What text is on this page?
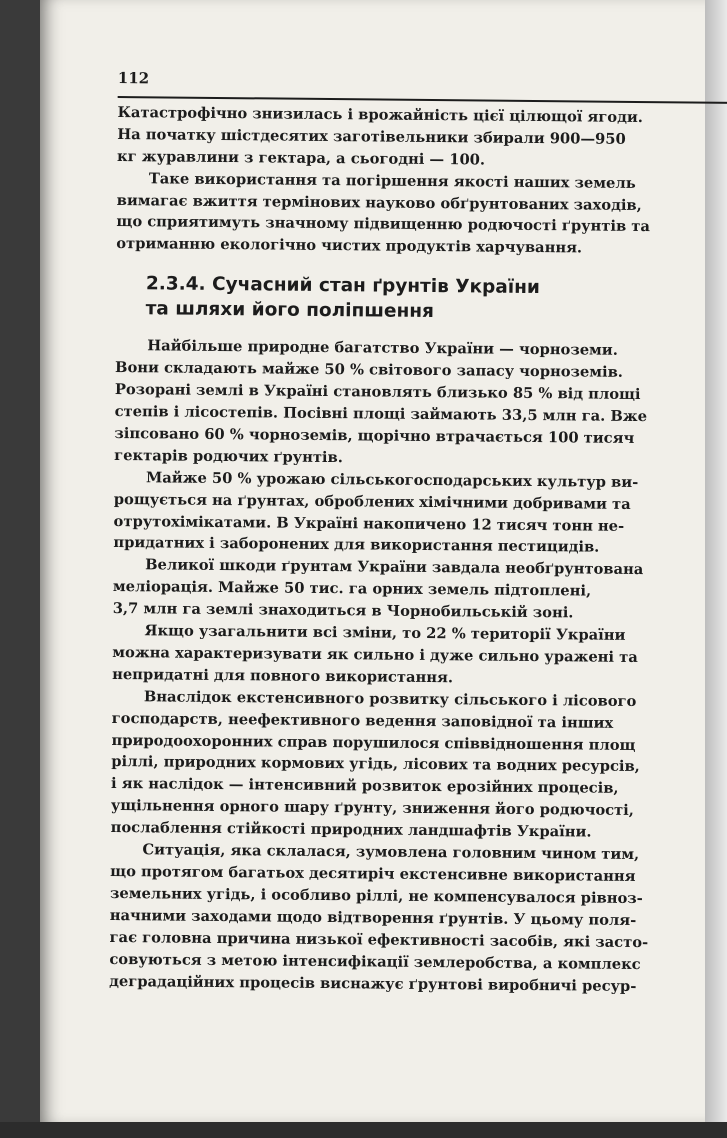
112

Катастрофічно знизилась і врожайність цієї цілющої ягоди.
На початку шістдесятих заготівельники збирали 900—950
кг журавлини з гектара, а сьогодні — 100.

Таке використання та погіршення якості наших земель
вимагає вжиття термінових науково обґрунтованих заходів,
що сприятимуть значному підвищенню родючості ґрунтів та
отриманню екологічно чистих продуктів харчування.

2.3.4. Сучасний стан ґрунтів України
та шляхи його поліпшення

Найбільше природне багатство України — чорноземи.
Вони складають майже 50 % світового запасу чорноземів.
Розорані землі в Україні становлять близько 85 % від площі
степів і лісостепів. Посівні площі займають 33,5 млн га. Вже
зіпсовано 60 % чорноземів, щорічно втрачається 100 тисяч
гектарів родючих ґрунтів.

Майже 50 % урожаю сільськогосподарських культур ви-
рощується на ґрунтах, оброблених хімічними добривами та
отрутохімікатами. В Україні накопичено 12 тисяч тонн не-
придатних і заборонених для використання пестицидів.

Великої шкоди ґрунтам України завдала необґрунтована
меліорація. Майже 50 тис. га орних земель підтоплені,
3,7 млн га землі знаходиться в Чорнобильській зоні.

Якщо узагальнити всі зміни, то 22 % території України
можна характеризувати як сильно і дуже сильно уражені та
непридатні для повного використання.

Внаслідок екстенсивного розвитку сільського і лісового
господарств, неефективного ведення заповідної та інших
природоохоронних справ порушилося співвідношення площ
ріллі, природних кормових угідь, лісових та водних ресурсів,
і як наслідок — інтенсивний розвиток ерозійних процесів,
ущільнення орного шару ґрунту, зниження його родючості,
послаблення стійкості природних ландшафтів України.

Ситуація, яка склалася, зумовлена головним чином тим,
що протягом багатьох десятиріч екстенсивне використання
земельних угідь, і особливо ріллі, не компенсувалося рівноз-
начними заходами щодо відтворення ґрунтів. У цьому поля-
гає головна причина низької ефективності засобів, які засто-
совуються з метою інтенсифікації землеробства, а комплекс
деградаційних процесів виснажує ґрунтові виробничі ресур-
